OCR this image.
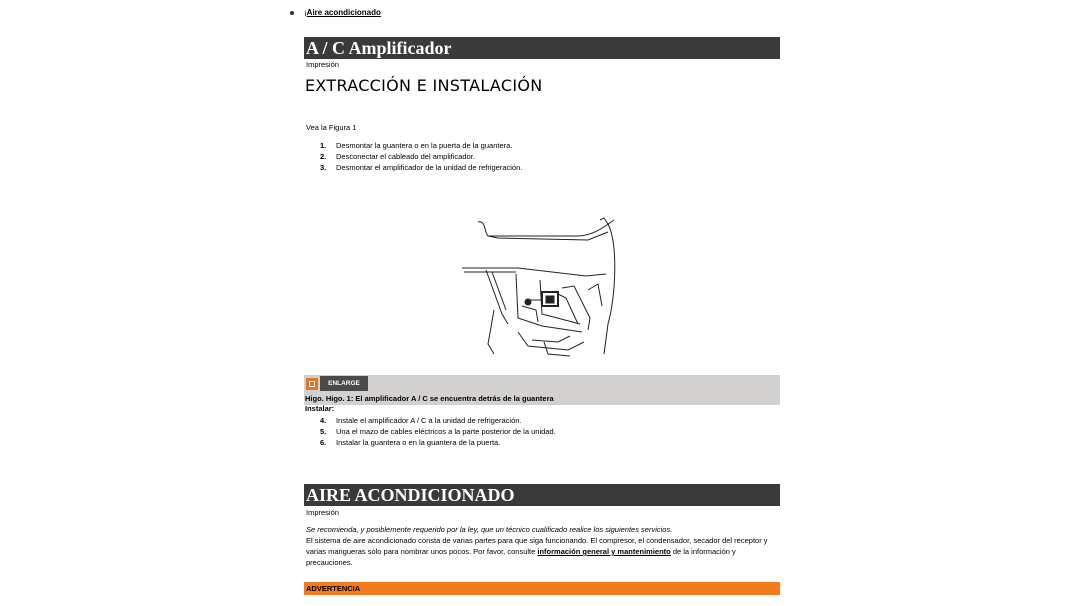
¡Aire acondicionado
A / C Amplificador
Impresión
EXTRACCIÓN E INSTALACIÓN
Vea la Figura 1
1. Desmontar la guantera o en la puerta de la guantera.
2. Desconectar el cableado del amplificador.
3. Desmontar el amplificador de la unidad de refrigeración.
ENLARGE
Higo. Higo. 1: El amplificador A / C se encuentra detrás de la guantera
Instalar:
4. Instale el amplificador A / C a la unidad de refrigeración.
5. Una el mazo de cables eléctricos a la parte posterior de la unidad.
6. Instalar la guantera o en la guantera de la puerta.
AIRE ACONDICIONADO
Impresión
Se recomienda, y posiblemente requerido por la ley, que un técnico cualificado realice los siguientes servicios.
El sistema de aire acondicionado consta de varias partes para que siga funcionando. El compresor, el condensador, secador del receptor y varias mangueras sólo para nombrar unos pocos. Por favor, consulte información general y mantenimiento de la información y precauciones.
ADVERTENCIA
